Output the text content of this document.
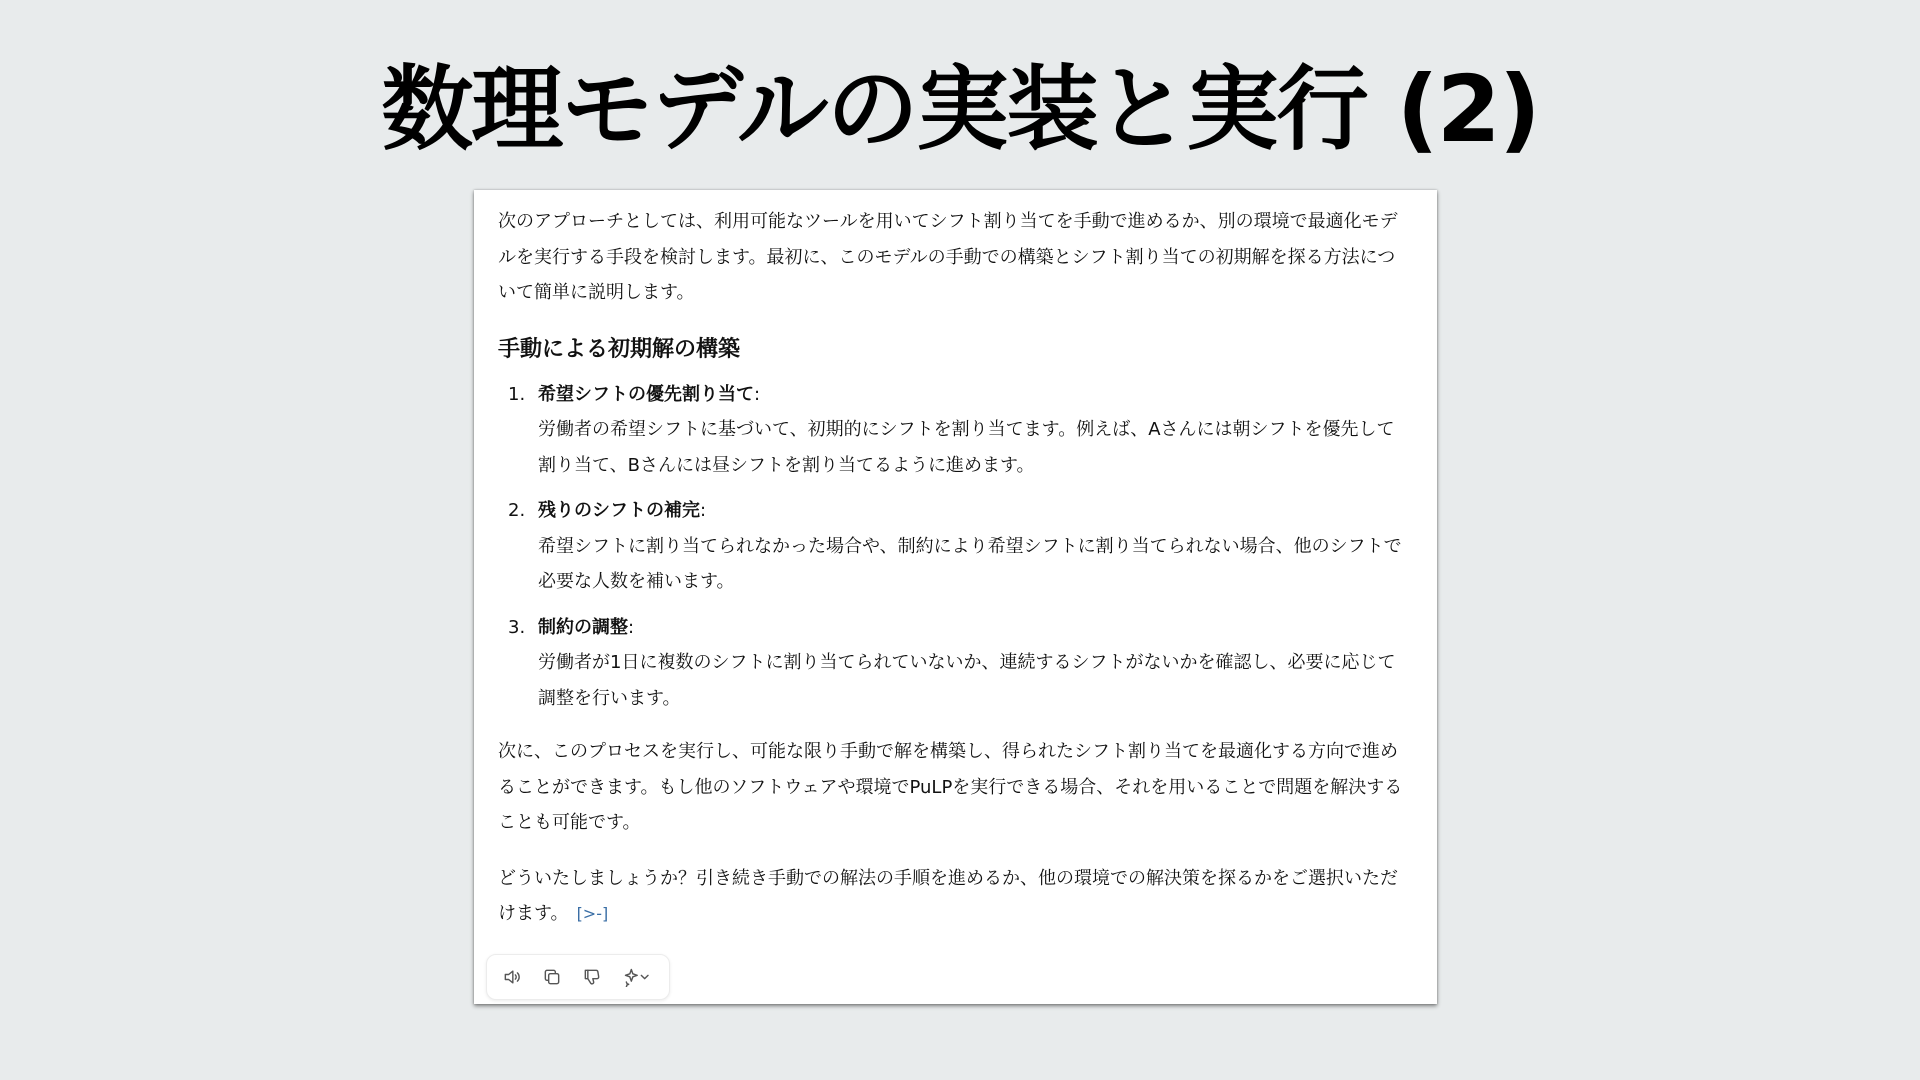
数理モデルの実装と実行 (2)

次のアプローチとしては、利用可能なツールを用いてシフト割り当てを手動で進めるか、別の環境で最適化モデルを実行する手段を検討します。最初に、このモデルの手動での構築とシフト割り当ての初期解を探る方法について簡単に説明します。

手動による初期解の構築
1. 希望シフトの優先割り当て:

労働者の希望シフトに基づいて、初期的にシフトを割り当てます。例えば、Aさんには朝シフトを優先して割り当て、Bさんには昼シフトを割り当てるように進めます。

2. 残りのシフトの補完:

希望シフトに割り当てられなかった場合や、制約により希望シフトに割り当てられない場合、他のシフトで必要な人数を補います。

3. 制約の調整:

労働者が1日に複数のシフトに割り当てられていないか、連続するシフトがないかを確認し、必要に応じて調整を行います。

次に、このプロセスを実行し、可能な限り手動で解を構築し、得られたシフト割り当てを最適化する方向で進めることができます。もし他のソフトウェアや環境でPuLPを実行できる場合、それを用いることで問題を解決することも可能です。

どういたしましょうか？引き続き手動での解法の手順を進めるか、他の環境での解決策を探るかをご選択いただけます。 [>-]
